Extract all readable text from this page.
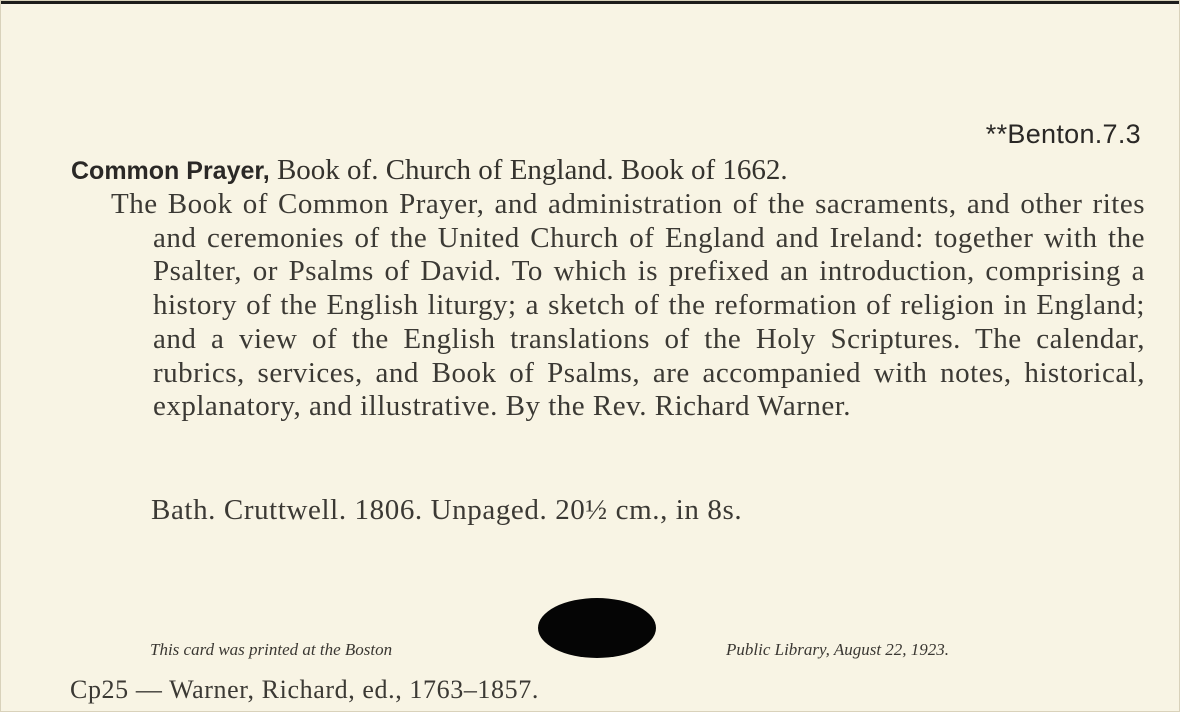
**Benton.7.3
Common Prayer, Book of. Church of England. Book of 1662.
The Book of Common Prayer, and administration of the sacraments, and other rites and ceremonies of the United Church of England and Ireland: together with the Psalter, or Psalms of David. To which is prefixed an introduction, comprising a history of the English liturgy; a sketch of the reformation of religion in England; and a view of the English translations of the Holy Scriptures. The calendar, rubrics, services, and Book of Psalms, are accompanied with notes, historical, explanatory, and illustrative. By the Rev. Richard Warner.
Bath. Cruttwell. 1806. Unpaged. 20½ cm., in 8s.
This card was printed at the Boston	Public Library, August 22, 1923.
Cp25 — Warner, Richard, ed., 1763–1857.
